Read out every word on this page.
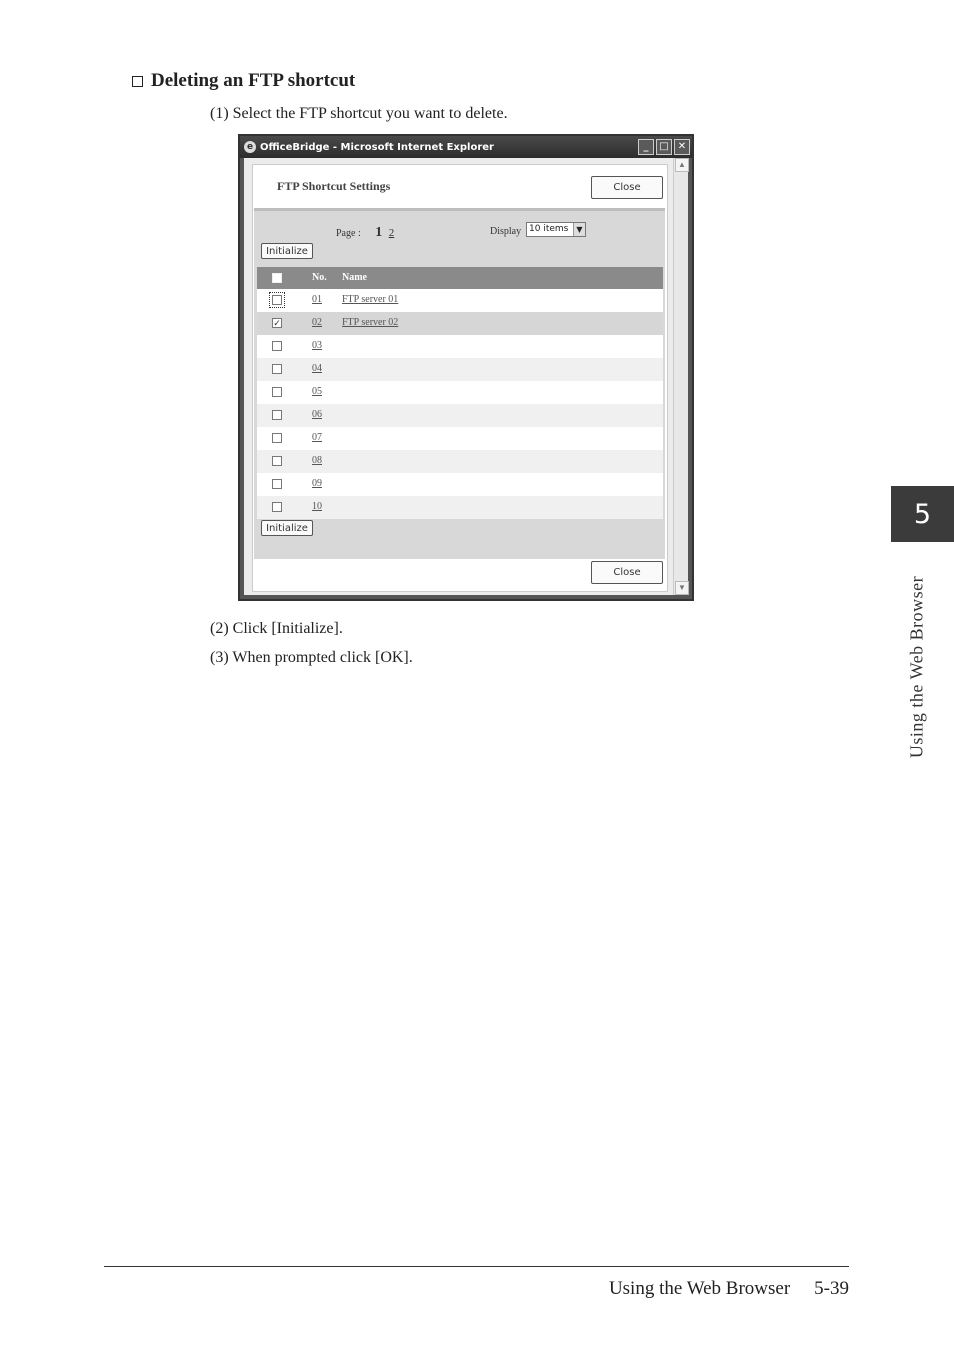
Deleting an FTP shortcut
(1) Select the FTP shortcut you want to delete.
e OfficeBridge - Microsoft Internet Explorer	_	□ ✕
FTP Shortcut Settings	Close
Page : 1 2	Display 10 items	▼
Initialize
No. Name
01 FTP server 01
✓	02 FTP server 02
03
04
05
06
07
08
09
10
Initialize
Close
▲
▼
(2) Click [Initialize].
(3) When prompted click [OK].
5
Using the Web Browser
Using the Web Browser 5-39
